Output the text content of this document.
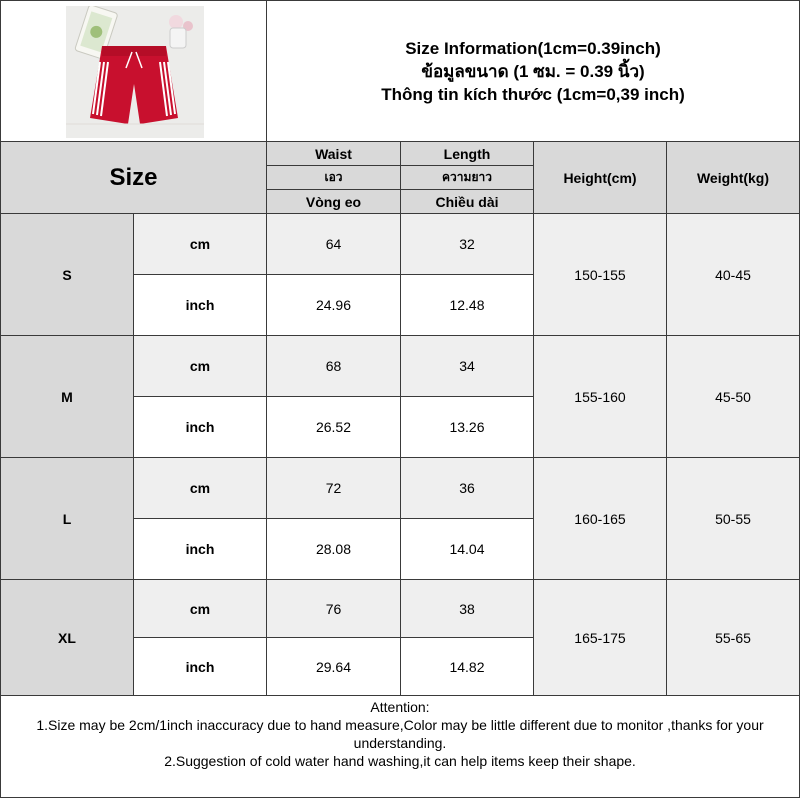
Size Information(1cm=0.39inch)
ข้อมูลขนาด (1 ซม. = 0.39 นิ้ว)
Thông tin kích thước (1cm=0,39 inch)
Size
Waist	Length
เอว	ความยาว
Vòng eo	Chiều dài
Height(cm)	Weight(kg)
S
cm	64	32
inch	24.96	12.48
150-155	40-45
M
cm	68	34
inch	26.52	13.26
155-160	45-50
L
cm	72	36
inch	28.08	14.04
160-165	50-55
XL
cm	76	38
inch	29.64	14.82
165-175	55-65
Attention:
1.Size may be 2cm/1inch inaccuracy due to hand measure,Color may be little different due to monitor ,thanks for your understanding.
2.Suggestion of cold water hand washing,it can help items keep their shape.
